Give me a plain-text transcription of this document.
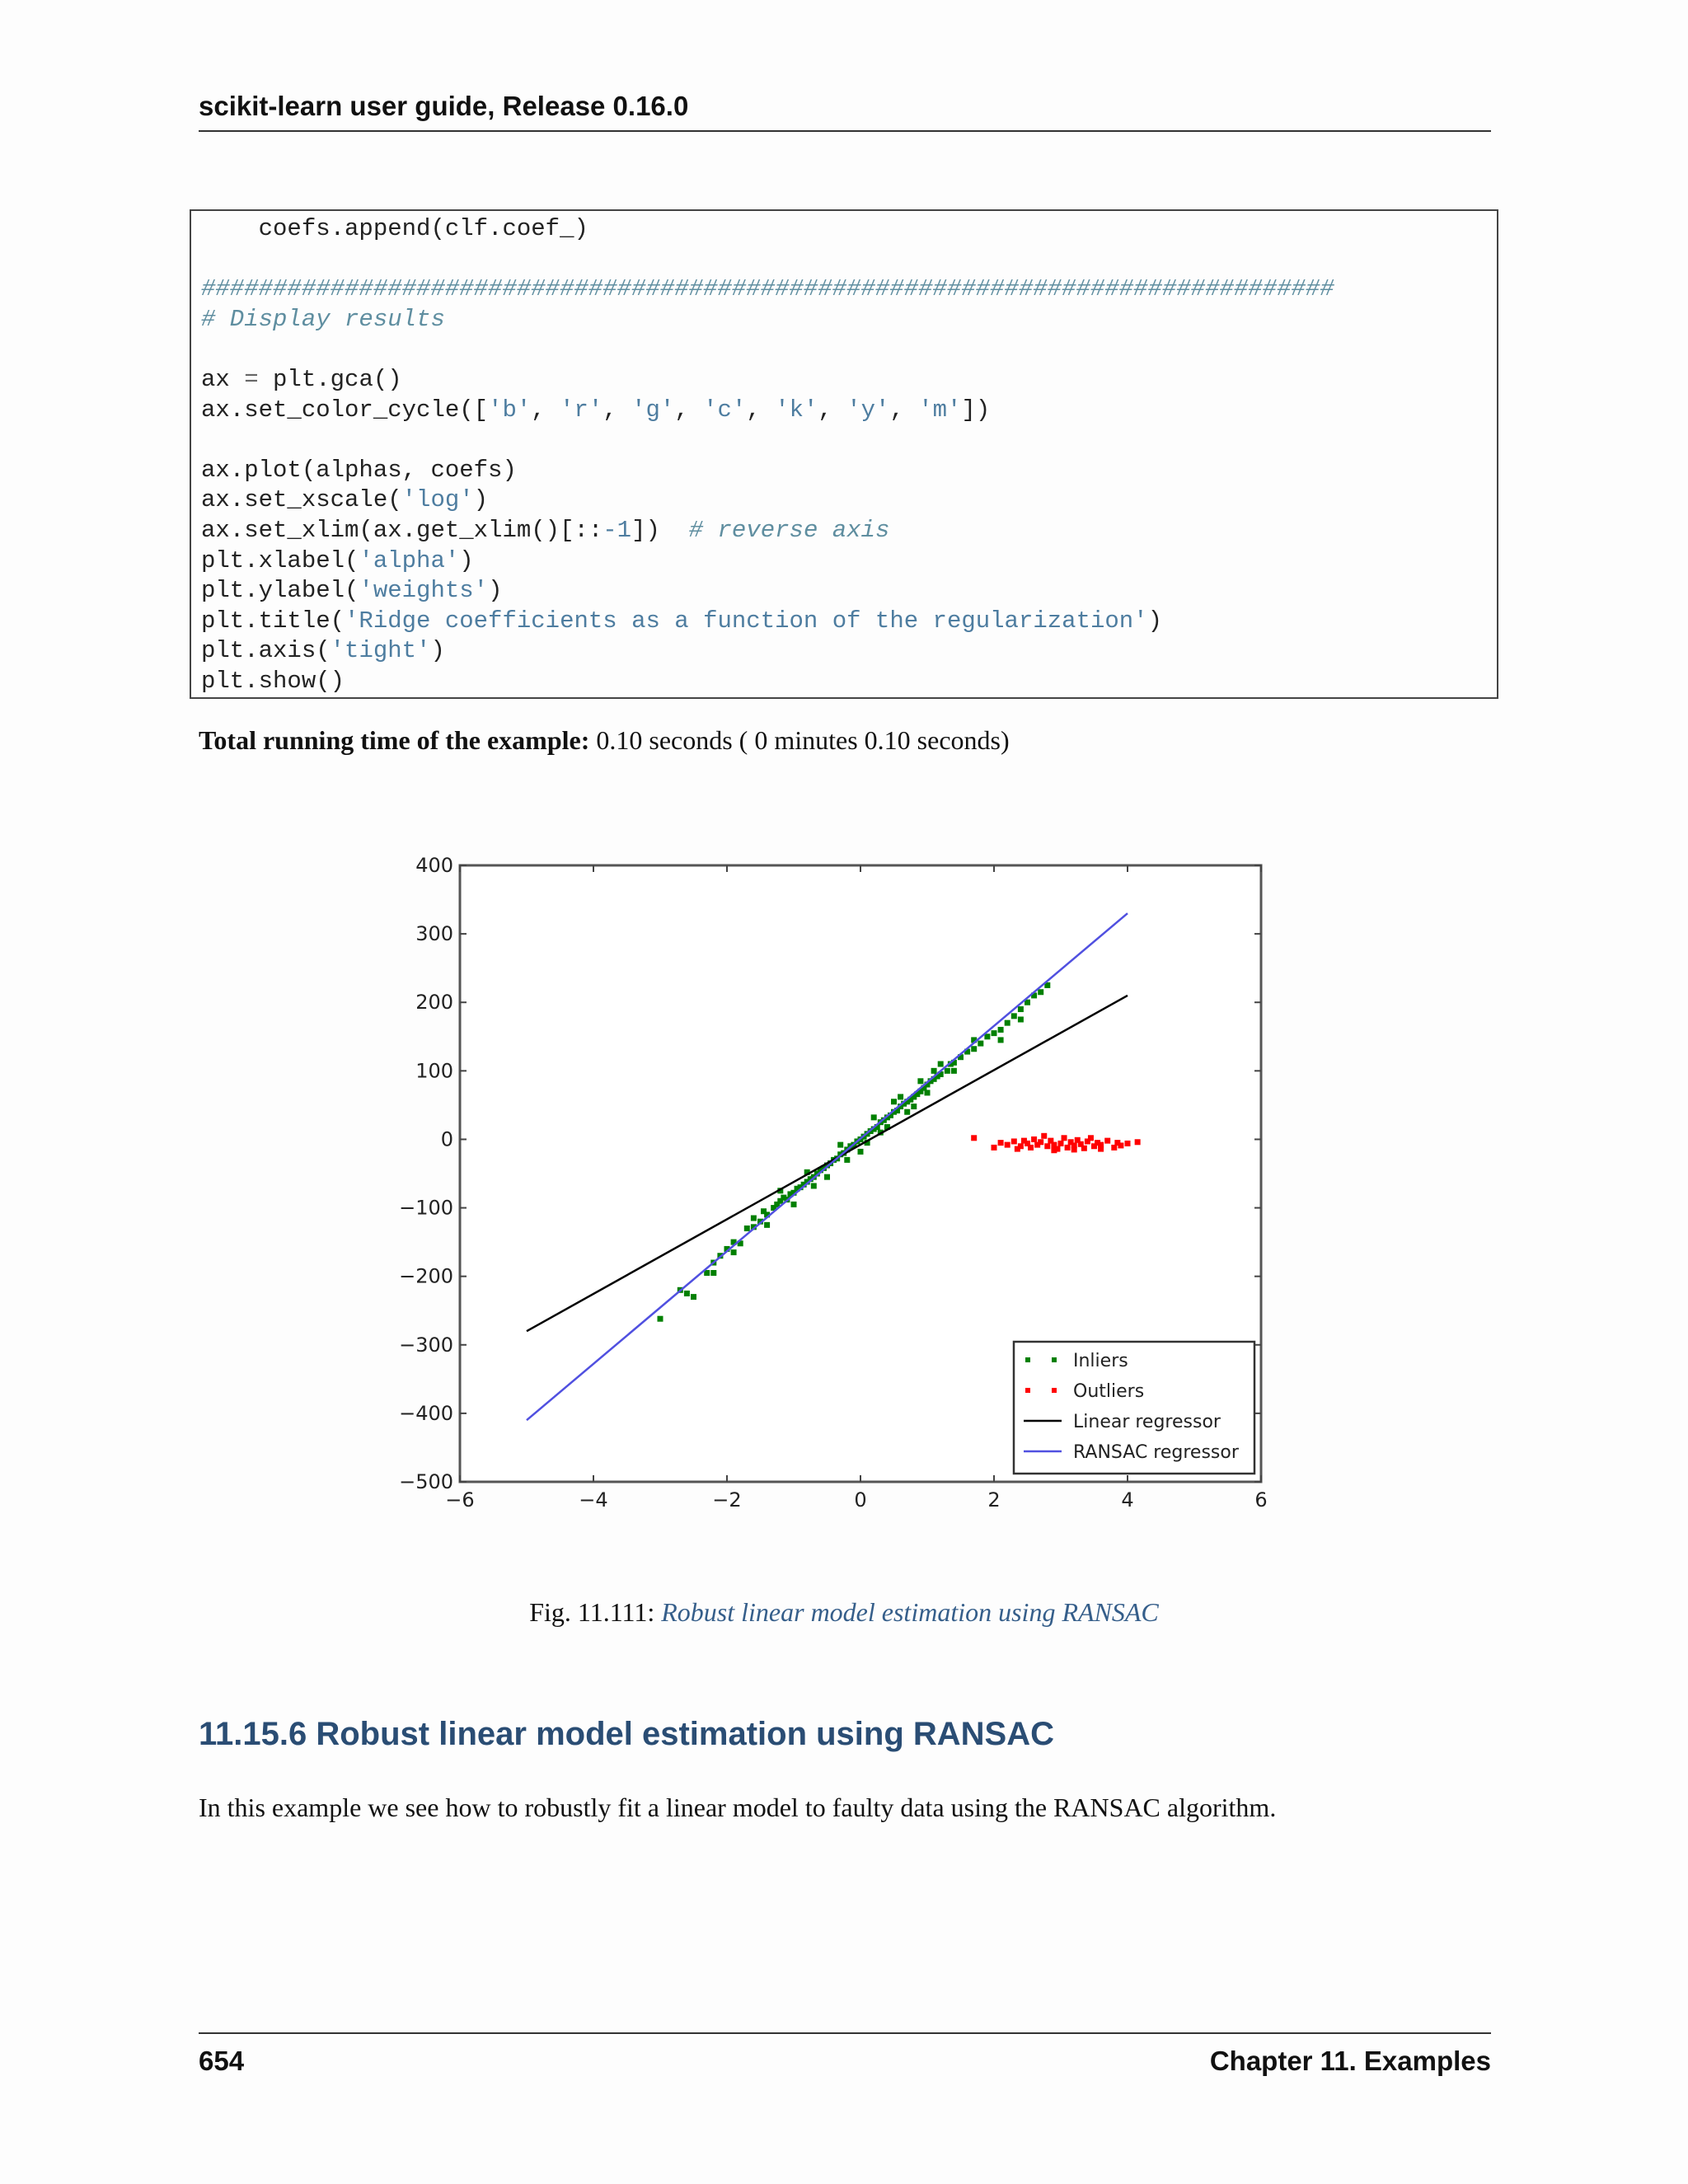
scikit-learn user guide, Release 0.16.0
coefs.append(clf.coef_)

###############################################################################
# Display results

ax = plt.gca()
ax.set_color_cycle(['b', 'r', 'g', 'c', 'k', 'y', 'm'])

ax.plot(alphas, coefs)
ax.set_xscale('log')
ax.set_xlim(ax.get_xlim()[::-1])  # reverse axis
plt.xlabel('alpha')
plt.ylabel('weights')
plt.title('Ridge coefficients as a function of the regularization')
plt.axis('tight')
plt.show()
Total running time of the example: 0.10 seconds ( 0 minutes 0.10 seconds)
−6	−4	−2	0	2	4	6
400
300
200
100
0
−100
−200
−300
−400
−500
Inliers
Outliers
Linear regressor
RANSAC regressor
Fig. 11.111: Robust linear model estimation using RANSAC
11.15.6 Robust linear model estimation using RANSAC
In this example we see how to robustly fit a linear model to faulty data using the RANSAC algorithm.
654	Chapter 11. Examples
